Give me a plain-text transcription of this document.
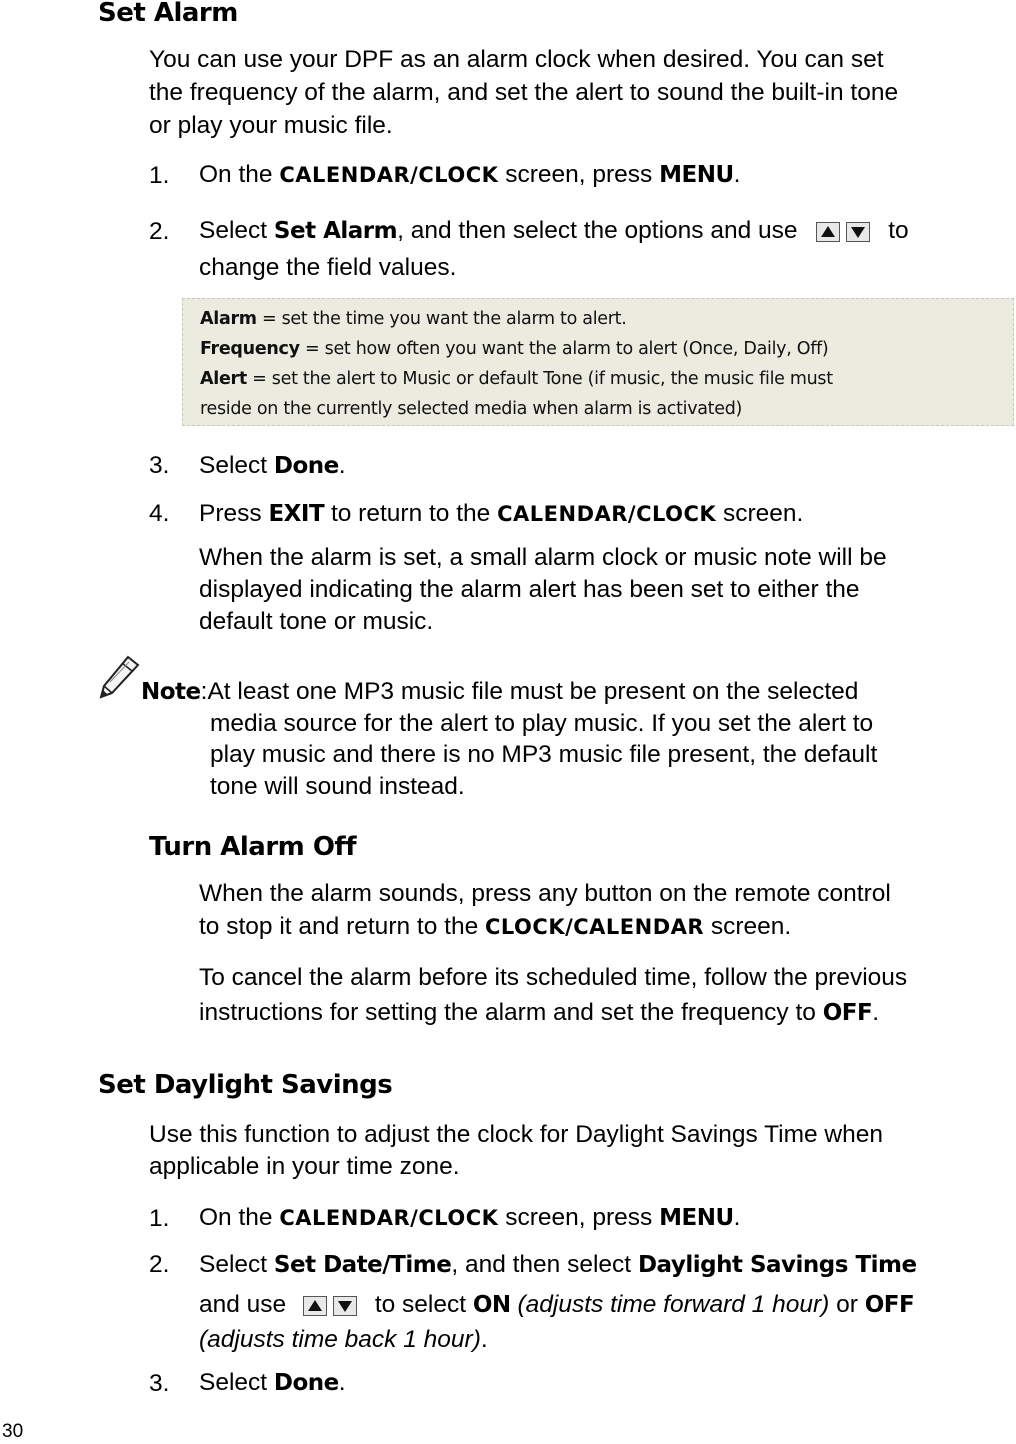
Set Alarm
You can use your DPF as an alarm clock when desired. You can set
the frequency of the alarm, and set the alert to sound the built-in tone
or play your music file.
1. On the CALENDAR/CLOCK screen, press MENU.
2. Select Set Alarm, and then select the options and use	to
change the field values.
Alarm = set the time you want the alarm to alert.
Frequency = set how often you want the alarm to alert (Once, Daily, Off)
Alert = set the alert to Music or default Tone (if music, the music file must
reside on the currently selected media when alarm is activated)
3. Select Done.
4. Press EXIT to return to the CALENDAR/CLOCK screen.
When the alarm is set, a small alarm clock or music note will be
displayed indicating the alarm alert has been set to either the
default tone or music.
Note:At least one MP3 music file must be present on the selected
media source for the alert to play music. If you set the alert to
play music and there is no MP3 music file present, the default
tone will sound instead.
Turn Alarm Off
When the alarm sounds, press any button on the remote control
to stop it and return to the CLOCK/CALENDAR screen.
To cancel the alarm before its scheduled time, follow the previous
instructions for setting the alarm and set the frequency to OFF.
Set Daylight Savings
Use this function to adjust the clock for Daylight Savings Time when
applicable in your time zone.
1. On the CALENDAR/CLOCK screen, press MENU.
2. Select Set Date/Time, and then select Daylight Savings Time
and use	to select ON (adjusts time forward 1 hour) or OFF
(adjusts time back 1 hour).
3. Select Done.
30
